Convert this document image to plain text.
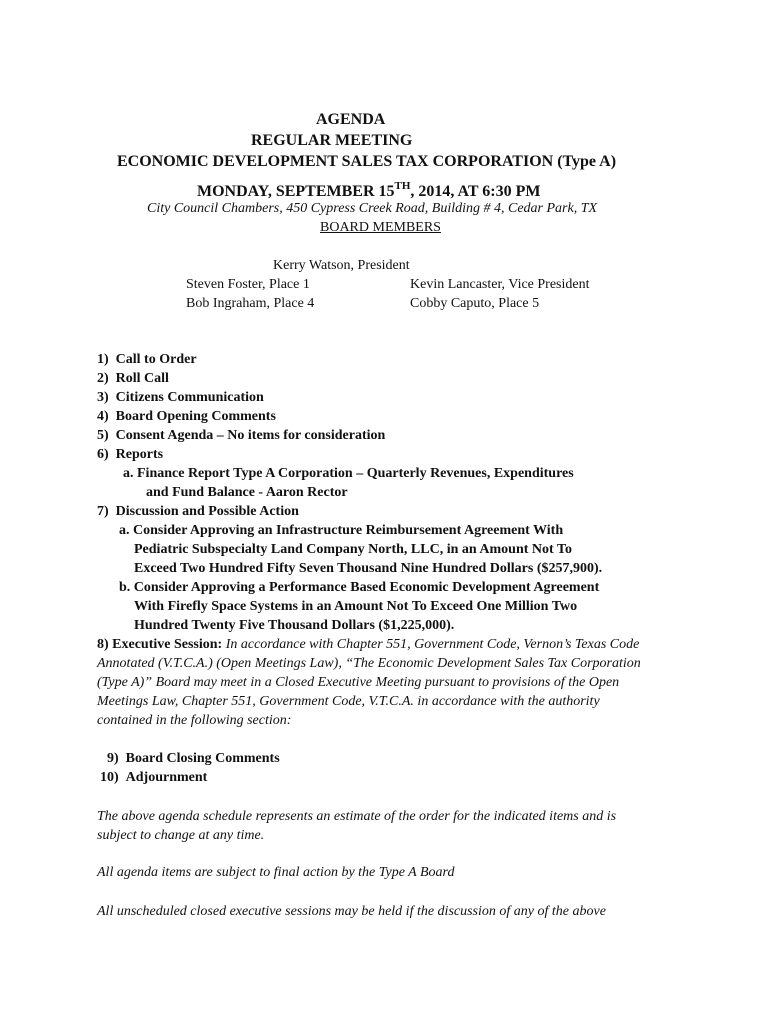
AGENDA
REGULAR MEETING
ECONOMIC DEVELOPMENT SALES TAX CORPORATION (Type A)
MONDAY, SEPTEMBER 15TH, 2014, AT 6:30 PM
City Council Chambers, 450 Cypress Creek Road, Building # 4, Cedar Park, TX
BOARD MEMBERS
Kerry Watson, President
Steven Foster, Place 1	Kevin Lancaster, Vice President
Bob Ingraham, Place 4	Cobby Caputo, Place 5
1)  Call to Order
2)  Roll Call
3)  Citizens Communication
4)  Board Opening Comments
5)  Consent Agenda – No items for consideration
6)  Reports
a. Finance Report Type A Corporation – Quarterly Revenues, Expenditures
and Fund Balance - Aaron Rector
7)  Discussion and Possible Action
a. Consider Approving an Infrastructure Reimbursement Agreement With
Pediatric Subspecialty Land Company North, LLC, in an Amount Not To
Exceed Two Hundred Fifty Seven Thousand Nine Hundred Dollars ($257,900).
b. Consider Approving a Performance Based Economic Development Agreement
With Firefly Space Systems in an Amount Not To Exceed One Million Two
Hundred Twenty Five Thousand Dollars ($1,225,000).
8) Executive Session: In accordance with Chapter 551, Government Code, Vernon’s Texas Code
Annotated (V.T.C.A.) (Open Meetings Law), “The Economic Development Sales Tax Corporation
(Type A)” Board may meet in a Closed Executive Meeting pursuant to provisions of the Open
Meetings Law, Chapter 551, Government Code, V.T.C.A. in accordance with the authority
contained in the following section:
9)  Board Closing Comments
10)  Adjournment
The above agenda schedule represents an estimate of the order for the indicated items and is
subject to change at any time.
All agenda items are subject to final action by the Type A Board
All unscheduled closed executive sessions may be held if the discussion of any of the above
